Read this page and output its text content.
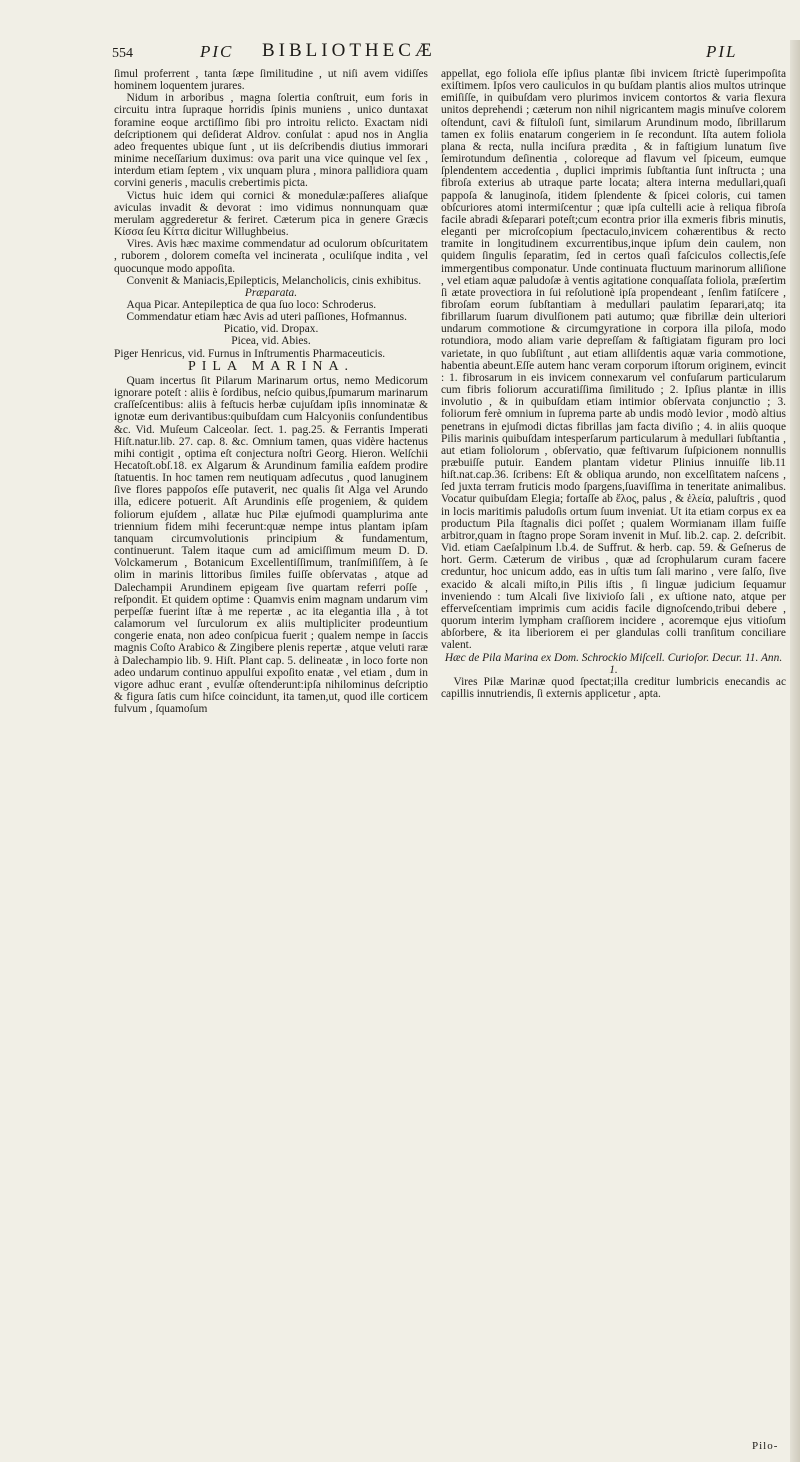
554	PIC BIBLIOTHECÆ	PIL

ſimul proferrent , tanta ſæpe ſimilitudine , ut niſi avem vidiſſes hominem loquentem jurares.

Nidum in arboribus , magna ſolertia conſtruit, eum foris in circuitu intra ſupraque horridis ſpinis muniens , unico duntaxat foramine eoque arctiſſimo ſibi pro introitu relicto. Exactam nidi deſcriptionem qui deſiderat Aldrov. conſulat : apud nos in Anglia adeo frequentes ubique ſunt , ut iis deſcribendis diutius immorari minime neceſſarium duximus: ova parit una vice quinque vel ſex , interdum etiam ſeptem , vix unquam plura , minora pallidiora quam corvini generis , maculis crebertimis picta.

Victus huic idem qui cornici & monedulæ:paſſeres aliaſque aviculas invadit & devorat : imo vidimus nonnunquam quæ merulam aggrederetur & feriret. Cæterum pica in genere Græcis Κίσσα ſeu Κίττα dicitur Willughbeius.

Vires. Avis hæc maxime commendatur ad oculorum obſcuritatem , ruborem , dolorem comeſta vel incinerata , oculiſque indita , vel quocunque modo appoſita.

Convenit & Maniacis,Epilepticis, Melancholicis, cinis exhibitus.

Præparata.

Aqua Picar. Antepileptica de qua ſuo loco: Schroderus.

Commendatur etiam hæc Avis ad uteri paſſiones, Hofmannus.

Picatio, vid. Dropax.

Picea, vid. Abies.

Piger Henricus, vid. Furnus in Inſtrumentis Pharmaceuticis.

PILA MARINA.

Quam incertus ſit Pilarum Marinarum ortus, nemo Medicorum ignorare poteſt : aliis è ſordibus, neſcio quibus,ſpumarum marinarum craſſeſcentibus: aliis à feſtucis herbæ cujuſdam ipſis innominatæ & ignotæ eum derivantibus:quibuſdam cum Halcyoniis conſundentibus &c. Vid. Muſeum Calceolar. ſect. 1. pag.25. & Ferrantis Imperati Hiſt.natur.lib. 27. cap. 8. &c. Omnium tamen, quas vidère hactenus mihi contigit , optima eſt conjectura noſtri Georg. Hieron. Welſchii Hecatoſt.obſ.18. ex Algarum & Arundinum familia eaſdem prodire ſtatuentis. In hoc tamen rem neutiquam adſecutus , quod lanuginem ſive flores pappoſos eſſe putaverit, nec qualis ſit Alga vel Arundo illa, edicere potuerit. Aſt Arundinis eſſe progeniem, & quidem foliorum ejuſdem , allatæ huc Pilæ ejuſmodi quamplurima ante triennium fidem mihi fecerunt:quæ nempe intus plantam ipſam tanquam circumvolutionis principium & fundamentum, continuerunt. Talem itaque cum ad amiciſſimum meum D. D. Volckamerum , Botanicum Excellentiſſimum, tranſmiſiſſem, à ſe olim in marinis littoribus ſimiles fuiſſe obſervatas , atque ad Dalechampii Arundinem epigeam ſive quartam referri poſſe , reſpondit. Et quidem optime : Quamvis enim magnam undarum vim perpeſſæ fuerint iſtæ à me repertæ , ac ita elegantia illa , à tot calamorum vel ſurculorum ex aliis multipliciter prodeuntium congerie enata, non adeo conſpicua fuerit ; qualem nempe in ſaccis magnis Coſto Arabico & Zingibere plenis repertæ , atque veluti raræ à Dalechampio lib. 9. Hiſt. Plant cap. 5. delineatæ , in loco forte non adeo undarum continuo appulſui expoſito enatæ , vel etiam , dum in vigore adhuc erant , evulſæ oſtenderunt:ipſa nihilominus deſcriptio & figura ſatis cum hiſce coincidunt, ita tamen,ut, quod ille corticem fulvum , ſquamoſum

appellat, ego foliola eſſe ipſius plantæ ſibi invicem ſtrictè ſuperimpoſita exiſtimem. Ipſos vero cauliculos in qu buſdam plantis alios multos utrinque emiſiſſe, in quibuſdam vero plurimos invicem contortos & varia flexura unitos deprehendi ; cæterum non nihil nigricantem magis minuſve colorem oſtendunt, cavi & fiſtuloſi ſunt, similarum Arundinum modo, ſibrillarum tamen ex foliis enatarum congeriem in ſe recondunt. Iſta autem foliola plana & recta, nulla inciſura prædita , & in faſtigium lunatum ſive ſemirotundum deſinentia , coloreque ad flavum vel ſpiceum, eumque ſplendentem accedentia , duplici imprimis ſubſtantia ſunt inſtructa ; una fibroſa exterius ab utraque parte locata; altera interna medullari,quaſi pappoſa & lanuginoſa, itidem ſplendente & ſpicei coloris, cui tamen obſcuriores atomi intermiſcentur ; quæ ipſa cultelli acie à reliqua fibroſa facile abradi &ſeparari poteſt;cum econtra prior illa exmeris fibris minutis, eleganti per microſcopium ſpectaculo,invicem cohærentibus & recto tramite in longitudinem excurrentibus,inque ipſum dein caulem, non quidem ſingulis ſeparatim, ſed in certos quaſi faſciculos collectis,ſeſe immergentibus componatur. Unde continuata fluctuum marinorum alliſione , vel etiam aquæ paludoſæ à ventis agitatione conquaſſata foliola, præſertim ſi ætate provectiora in ſui reſolutionè ipſa propendeant , ſenſim fatiſcere , fibroſam eorum ſubſtantiam à medullari paulatim ſeparari,atq; ita fibrillarum ſuarum divulſionem pati autumo; quæ fibrillæ dein ulteriori undarum commotione & circumgyratione in corpora illa piloſa, modo rotundiora, modo aliam varie depreſſam & faſtigiatam figuram pro loci varietate, in quo ſubſiſtunt , aut etiam alliſdentis aquæ varia commotione, habentia abeunt.Eſſe autem hanc veram corporum iſtorum originem, evincit : 1. fibrosarum in eis invicem connexarum vel confuſarum particularum cum fibris foliorum accuratiſſima ſimilitudo ; 2. Ipſius plantæ in illis involutio , & in quibuſdam etiam intimior obſervata conjunctio ; 3. foliorum ferè omnium in ſuprema parte ab undis modò levior , modò altius penetrans in ejuſmodi dictas fibrillas jam facta diviſio ; 4. in aliis quoque Pilis marinis quibuſdam intesperſarum particularum à medullari ſubſtantia , aut etiam foliolorum , obſervatio, quæ feſtivarum ſuſpicionem nonnullis præbuiſſe putuir. Eandem plantam videtur Plinius innuiſſe lib.11 hiſt.nat.cap.36. ſcribens: Eſt & obliqua arundo, non excelſitatem naſcens , ſed juxta terram fruticis modo ſpargens,ſuaviſſima in teneritate animalibus. Vocatur quibuſdam Elegia; fortaſſe ab ἕλος, palus , & ἑλεία, paluſtris , quod in locis maritimis paludoſis ortum ſuum inveniat. Ut ita etiam corpus ex ea productum Pila ſtagnalis dici poſſet ; qualem Wormianam illam fuiſſe arbitror,quam in ſtagno prope Soram invenit in Muſ. lib.2. cap. 2. deſcribit. Vid. etiam Caeſalpinum l.b.4. de Suffrut. & herb. cap. 59. & Geſnerus de hort. Germ. Cæterum de viribus , quæ ad ſcrophularum curam facere creduntur, hoc unicum addo, eas in uſtis tum ſali marino , vere ſalſo, ſive exacido & alcali miſto,in Pilis iſtis , ſi linguæ judicium ſequamur inveniendo : tum Alcali ſive lixivioſo ſali , ex uſtione nato, atque per efferveſcentiam imprimis cum acidis facile dignoſcendo,tribui debere , quorum interim lympham craſſiorem incidere , acoremque ejus vitioſum abſorbere, & ita liberiorem ei per glandulas colli tranſitum conciliare valent.

Hæc de Pila Marina ex Dom. Schrockio Miſcell. Curioſor. Decur. 11. Ann. 1.

Vires Pilæ Marinæ quod ſpectat;illa creditur lumbricis enecandis ac capillis innutriendis, ſi externis applicetur , apta.

Pilo-
